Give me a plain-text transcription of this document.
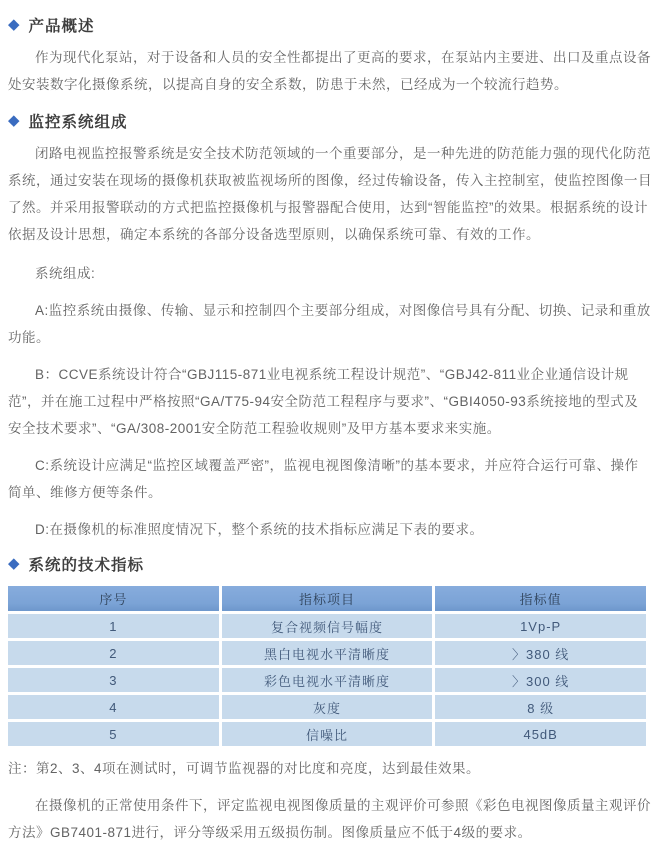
◆ 产品概述

作为现代化泵站，对于设备和人员的安全性都提出了更高的要求，在泵站内主要进、出口及重点设备处安装数字化摄像系统，以提高自身的安全系数，防患于未然，已经成为一个较流行趋势。

◆ 监控系统组成

闭路电视监控报警系统是安全技术防范领域的一个重要部分，是一种先进的防范能力强的现代化防范系统，通过安装在现场的摄像机获取被监视场所的图像，经过传输设备，传入主控制室，使监控图像一目了然。并采用报警联动的方式把监控摄像机与报警器配合使用，达到“智能监控”的效果。根据系统的设计依据及设计思想，确定本系统的各部分设备选型原则，以确保系统可靠、有效的工作。

系统组成:

A:监控系统由摄像、传输、显示和控制四个主要部分组成，对图像信号具有分配、切换、记录和重放功能。

B：CCVE系统设计符合“GBJ115-871业电视系统工程设计规范”、“GBJ42-811业企业通信设计规范”，并在施工过程中严格按照“GA/T75-94安全防范工程程序与要求”、“GBI4050-93系统接地的型式及安全技术要求”、“GA/308-2001安全防范工程验收规则”及甲方基本要求来实施。

C:系统设计应满足“监控区域覆盖严密”，监视电视图像清晰”的基本要求，并应符合运行可靠、操作简单、维修方便等条件。

D:在摄像机的标准照度情况下，整个系统的技术指标应满足下表的要求。

◆ 系统的技术指标
序号	指标项目	指标值
1	复合视频信号幅度	1Vp-P
2	黑白电视水平清晰度	〉380 线
3	彩色电视水平清晰度	〉300 线
4	灰度	8 级
5	信噪比	45dB

注：第2、3、4项在测试时，可调节监视器的对比度和亮度，达到最佳效果。

在摄像机的正常使用条件下，评定监视电视图像质量的主观评价可参照《彩色电视图像质量主观评价方法》GB7401-871进行，评分等级采用五级损伤制。图像质量应不低于4级的要求。
